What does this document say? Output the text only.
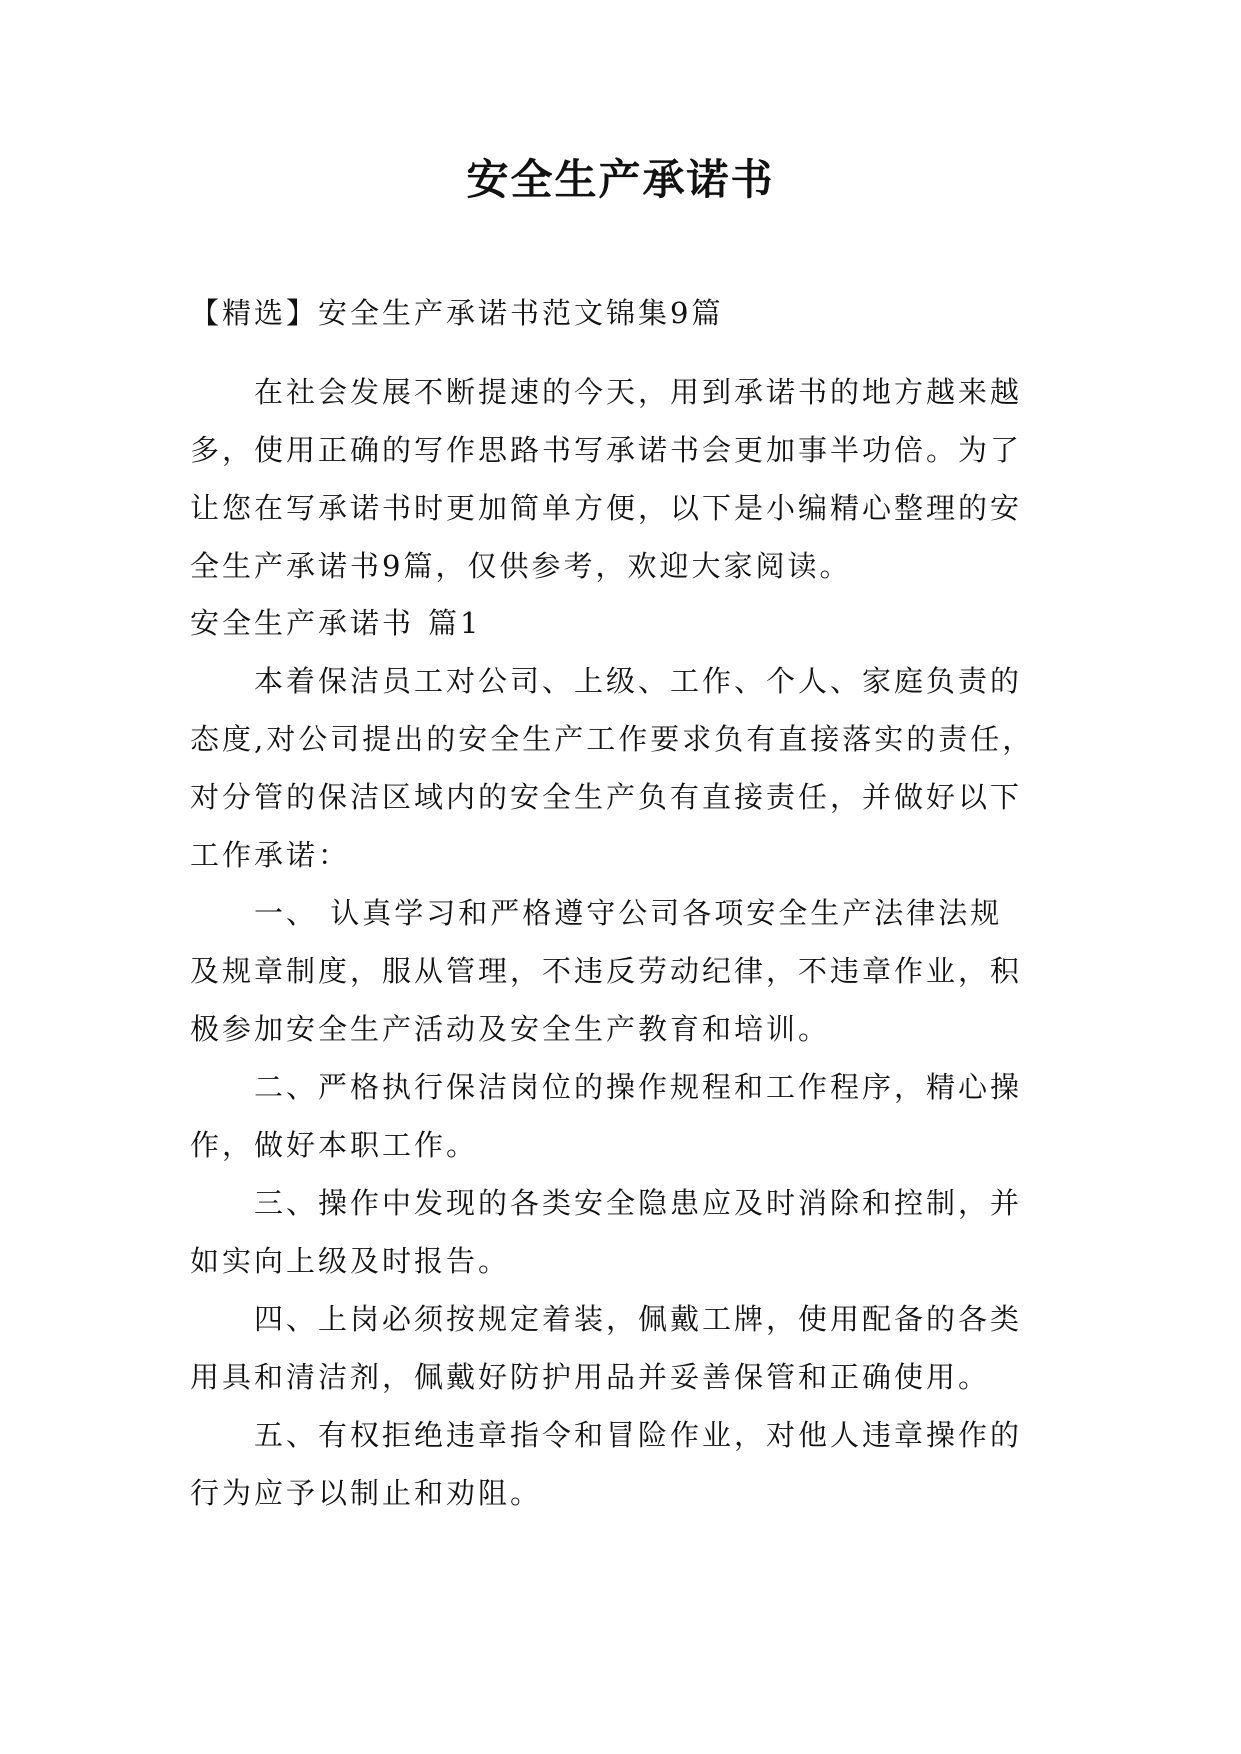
安全生产承诺书
【精选】安全生产承诺书范文锦集9篇
在社会发展不断提速的今天，用到承诺书的地方越来越
多，使用正确的写作思路书写承诺书会更加事半功倍。为了
让您在写承诺书时更加简单方便，以下是小编精心整理的安
全生产承诺书9篇，仅供参考，欢迎大家阅读。
安全生产承诺书 篇1
本着保洁员工对公司、上级、工作、个人、家庭负责的
态度,对公司提出的安全生产工作要求负有直接落实的责任，
对分管的保洁区域内的安全生产负有直接责任，并做好以下
工作承诺：
一、 认真学习和严格遵守公司各项安全生产法律法规
及规章制度，服从管理，不违反劳动纪律，不违章作业，积
极参加安全生产活动及安全生产教育和培训。
二、严格执行保洁岗位的操作规程和工作程序，精心操
作，做好本职工作。
三、操作中发现的各类安全隐患应及时消除和控制，并
如实向上级及时报告。
四、上岗必须按规定着装，佩戴工牌，使用配备的各类
用具和清洁剂，佩戴好防护用品并妥善保管和正确使用。
五、有权拒绝违章指令和冒险作业，对他人违章操作的
行为应予以制止和劝阻。
